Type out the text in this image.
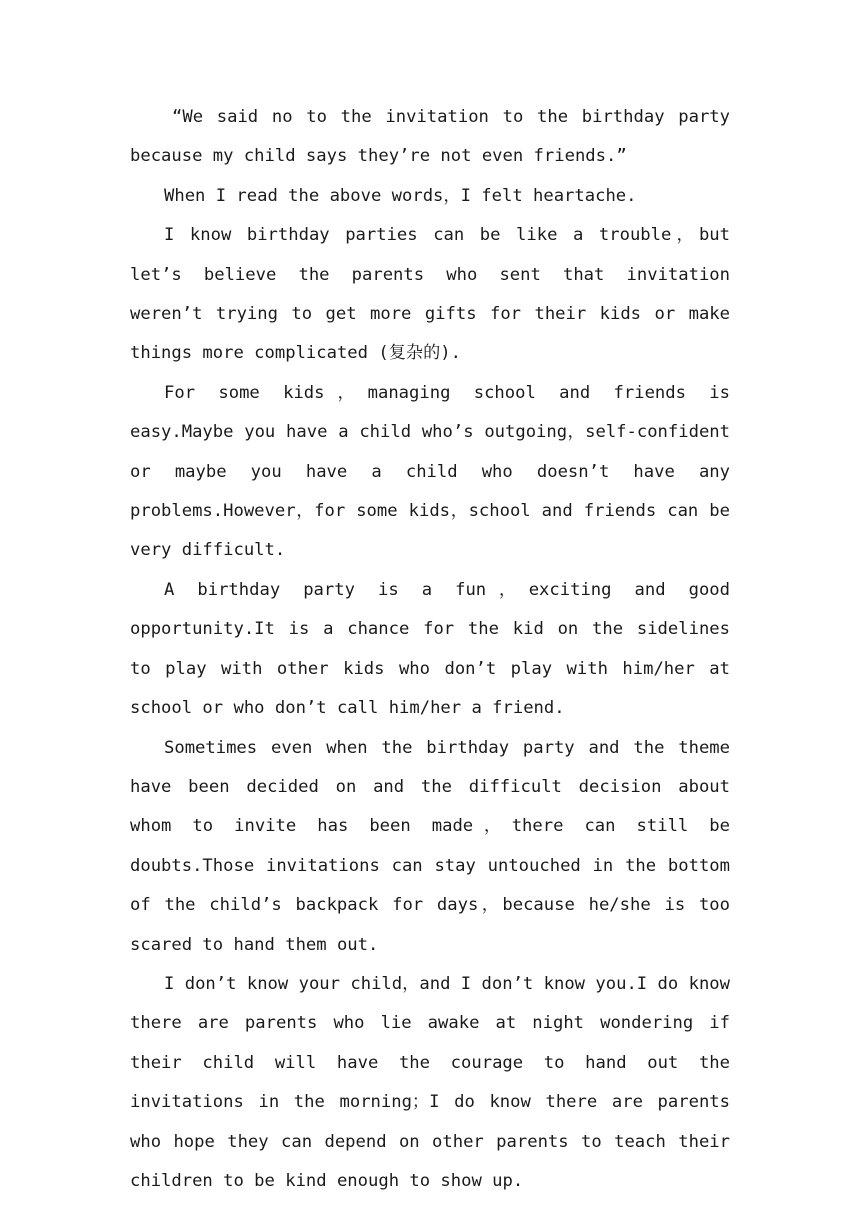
“We said no to the invitation to the birthday party because my child says they’re not even friends.”

When I read the above words，I felt heartache.

I know birthday parties can be like a trouble，but let’s believe the parents who sent that invitation weren’t trying to get more gifts for their kids or make things more complicated (复杂的).

For some kids，managing school and friends is easy.Maybe you have a child who’s outgoing，self-confident or maybe you have a child who doesn’t have any problems.However，for some kids，school and friends can be very difficult.

A birthday party is a fun，exciting and good opportunity.It is a chance for the kid on the sidelines to play with other kids who don’t play with him/her at school or who don’t call him/her a friend.

Sometimes even when the birthday party and the theme have been decided on and the difficult decision about whom to invite has been made，there can still be doubts.Those invitations can stay untouched in the bottom of the child’s backpack for days，because he/she is too scared to hand them out.

I don’t know your child，and I don’t know you.I do know there are parents who lie awake at night wondering if their child will have the courage to hand out the invitations in the morning；I do know there are parents who hope they can depend on other parents to teach their children to be kind enough to show up.
